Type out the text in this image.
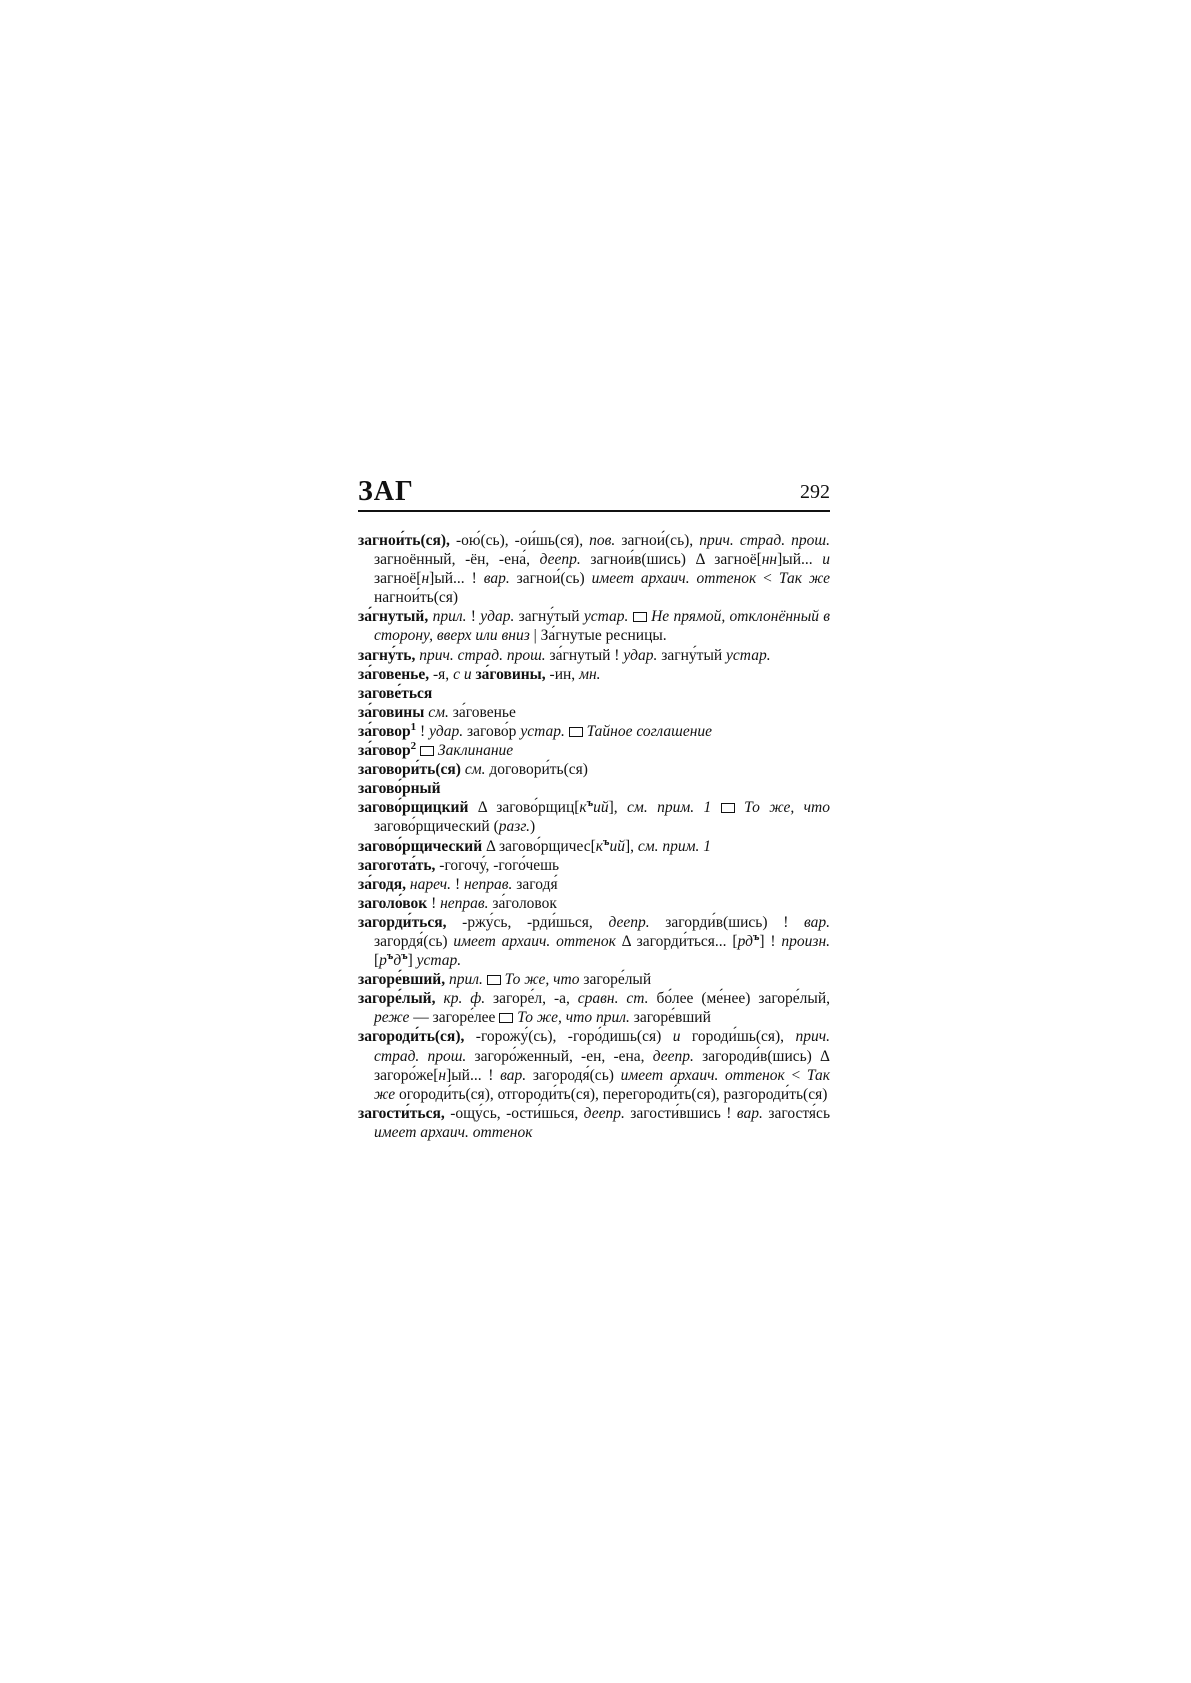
ЗАГ	292

загнои́ть(ся), -ою́(сь), -ои́шь(ся), пов. загнои́(сь), прич. страд. прош. загноённый, -ён, -ена́, деепр. загнои́в(шись) Δ загноё[нн]ый... и загноё[н]ый... ! вар. загнои́(сь) имеет архаич. оттенок < Так же нагнои́ть(ся)

за́гнутый, прил. ! удар. загну́тый устар. Не прямой, отклонённый в сторону, вверх или вниз | За́гнутые ресницы.

загну́ть, прич. страд. прош. за́гнутый ! удар. загну́тый устар.

за́говенье, -я, с и за́говины, -ин, мн.

загове́ться

за́говины см. за́говенье

за́говор$^1$ ! удар. загово́р устар. Тайное соглашение

за́говор$^2$ Заклинание

заговори́ть(ся) см. договори́ть(ся)

загово́рный

загово́рщицкий Δ $загово́рщиц[к^ъий]$, см. прим. 1 То же, что загово́рщический (разг.)

загово́рщический Δ $загово́рщичес[к^ъий]$, см. прим. 1

загогота́ть, -гогочу́, -гого́чешь

за́годя, нареч. ! неправ. загодя́

заголо́вок ! неправ. за́головок

загорди́ться, -ржу́сь, -рди́шься, деепр. загорди́в(шись) ! вар. загордя́(сь) имеет архаич. оттенок Δ загорди́ться... $[рд^ъ]$ ! произн. $[р^ъд^ъ]$ устар.

загоре́вший, прил. То же, что загоре́лый

загоре́лый, кр. ф. загоре́л, -а, сравн. ст. бо́лее (ме́нее) загоре́лый, реже — загоре́лее  То же, что прил. загоре́вший

загороди́ть(ся), -горожу́(сь), -горо́дишь(ся) и городи́шь(ся), прич. страд. прош. загоро́женный, -ен, -ена, деепр. загороди́в(шись) Δ загоро́же[н]ый... ! вар. загородя́(сь) имеет архаич. оттенок < Так же огороди́ть(ся), отгороди́ть(ся), перегороди́ть(ся), разгороди́ть(ся)

загости́ться, -ощу́сь, -ости́шься, деепр. загости́вшись ! вар. загостя́сь имеет архаич. оттенок
